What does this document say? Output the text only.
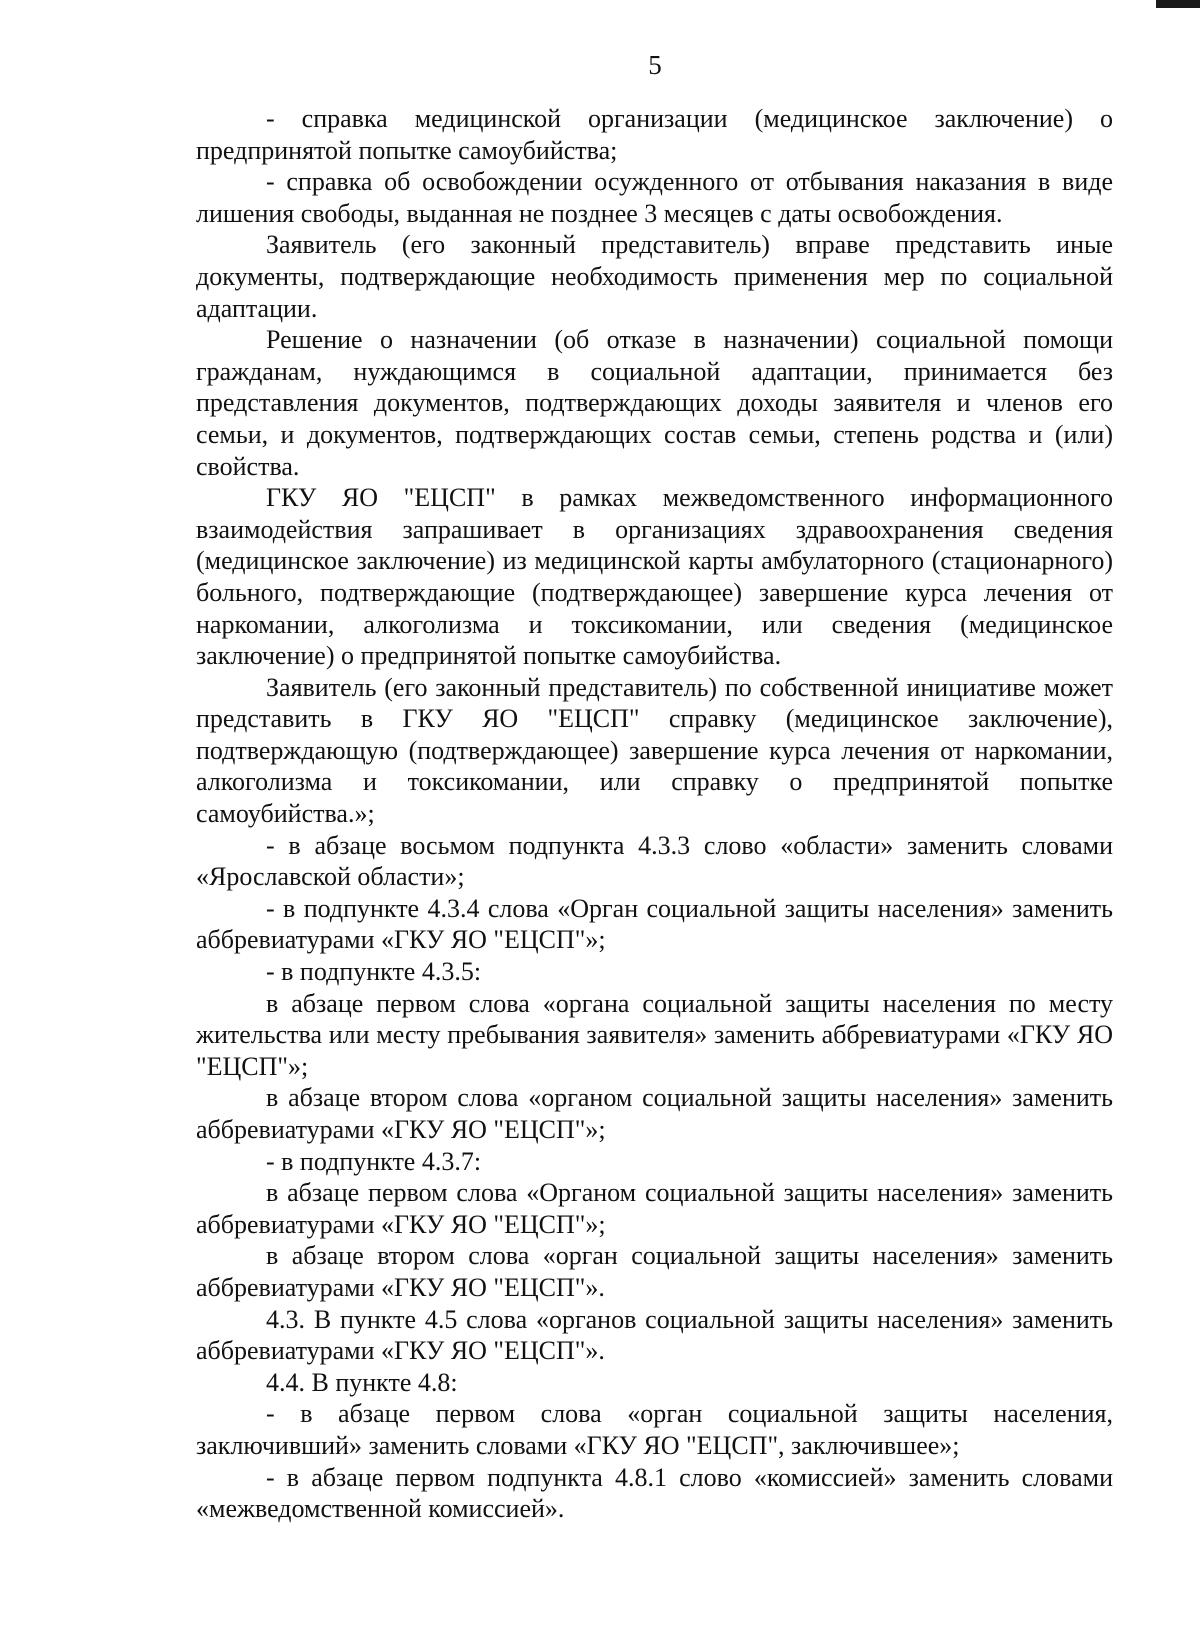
5

- справка медицинской организации (медицинское заключение) о предпринятой попытке самоубийства;

- справка об освобождении осужденного от отбывания наказания в виде лишения свободы, выданная не позднее 3 месяцев с даты освобождения.

Заявитель (его законный представитель) вправе представить иные документы, подтверждающие необходимость применения мер по социальной адаптации.

Решение о назначении (об отказе в назначении) социальной помощи гражданам, нуждающимся в социальной адаптации, принимается без представления документов, подтверждающих доходы заявителя и членов его семьи, и документов, подтверждающих состав семьи, степень родства и (или) свойства.

ГКУ ЯО "ЕЦСП" в рамках межведомственного информационного взаимодействия запрашивает в организациях здравоохранения сведения (медицинское заключение) из медицинской карты амбулаторного (стационарного) больного, подтверждающие (подтверждающее) завершение курса лечения от наркомании, алкоголизма и токсикомании, или сведения (медицинское заключение) о предпринятой попытке самоубийства.

Заявитель (его законный представитель) по собственной инициативе может представить в ГКУ ЯО "ЕЦСП" справку (медицинское заключение), подтверждающую (подтверждающее) завершение курса лечения от наркомании, алкоголизма и токсикомании, или справку о предпринятой попытке самоубийства.»;

- в абзаце восьмом подпункта 4.3.3 слово «области» заменить словами «Ярославской области»;

- в подпункте 4.3.4 слова «Орган социальной защиты населения» заменить аббревиатурами «ГКУ ЯО "ЕЦСП"»;

- в подпункте 4.3.5:

в абзаце первом слова «органа социальной защиты населения по месту жительства или месту пребывания заявителя» заменить аббревиатурами «ГКУ ЯО "ЕЦСП"»;

в абзаце втором слова «органом социальной защиты населения» заменить аббревиатурами «ГКУ ЯО "ЕЦСП"»;

- в подпункте 4.3.7:

в абзаце первом слова «Органом социальной защиты населения» заменить аббревиатурами «ГКУ ЯО "ЕЦСП"»;

в абзаце втором слова «орган социальной защиты населения» заменить аббревиатурами «ГКУ ЯО "ЕЦСП"».

4.3. В пункте 4.5 слова «органов социальной защиты населения» заменить аббревиатурами «ГКУ ЯО "ЕЦСП"».

4.4. В пункте 4.8:

- в абзаце первом слова «орган социальной защиты населения, заключивший» заменить словами «ГКУ ЯО "ЕЦСП", заключившее»;

- в абзаце первом подпункта 4.8.1 слово «комиссией» заменить словами «межведомственной комиссией».
